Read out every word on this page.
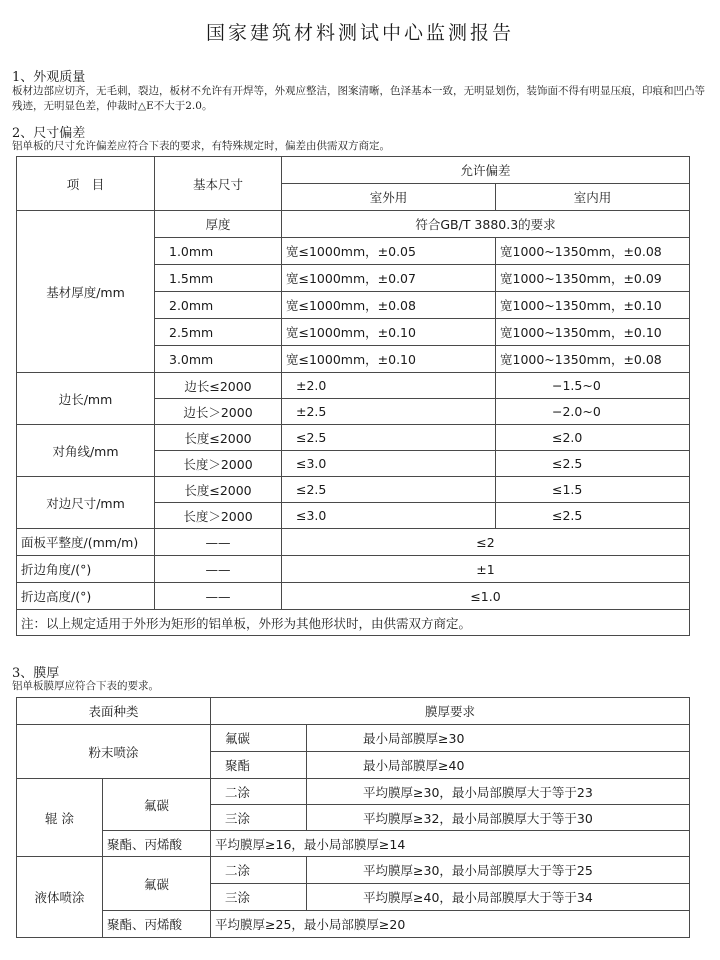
国家建筑材料测试中心监测报告
1、外观质量
板材边部应切齐，无毛刺，裂边，板材不允许有开焊等，外观应整洁，图案清晰，色泽基本一致，无明显划伤，装饰面不得有明显压痕，印痕和凹凸等残迹，无明显色差，仲裁时△E不大于2.0。
2、尺寸偏差
铝单板的尺寸允许偏差应符合下表的要求，有特殊规定时，偏差由供需双方商定。
项　目	基本尺寸	允许偏差	
		室外用	室内用
基材厚度/mm	厚度	符合GB/T 3880.3的要求	
	1.0mm	宽≤1000mm，±0.05	宽1000~1350mm，±0.08
	1.5mm	宽≤1000mm，±0.07	宽1000~1350mm，±0.09
	2.0mm	宽≤1000mm，±0.08	宽1000~1350mm，±0.10
	2.5mm	宽≤1000mm，±0.10	宽1000~1350mm，±0.10
	3.0mm	宽≤1000mm，±0.10	宽1000~1350mm，±0.08
边长/mm	边长≤2000	±2.0	−1.5~0
	边长＞2000	±2.5	−2.0~0
对角线/mm	长度≤2000	≤2.5	≤2.0
	长度＞2000	≤3.0	≤2.5
对边尺寸/mm	长度≤2000	≤2.5	≤1.5
	长度＞2000	≤3.0	≤2.5
面板平整度/(mm/m)	——	≤2	
折边角度/(°)	——	±1	
折边高度/(°)	——	≤1.0	
注：以上规定适用于外形为矩形的铝单板，外形为其他形状时，由供需双方商定。			
3、膜厚
铝单板膜厚应符合下表的要求。
表面种类		膜厚要求	
粉末喷涂		氟碳	最小局部膜厚≥30
		聚酯	最小局部膜厚≥40
辊 涂	氟碳	二涂	平均膜厚≥30，最小局部膜厚大于等于23
		三涂	平均膜厚≥32，最小局部膜厚大于等于30
	聚酯、丙烯酸	平均膜厚≥16，最小局部膜厚≥14	
液体喷涂	氟碳	二涂	平均膜厚≥30，最小局部膜厚大于等于25
		三涂	平均膜厚≥40，最小局部膜厚大于等于34
	聚酯、丙烯酸	平均膜厚≥25，最小局部膜厚≥20	
